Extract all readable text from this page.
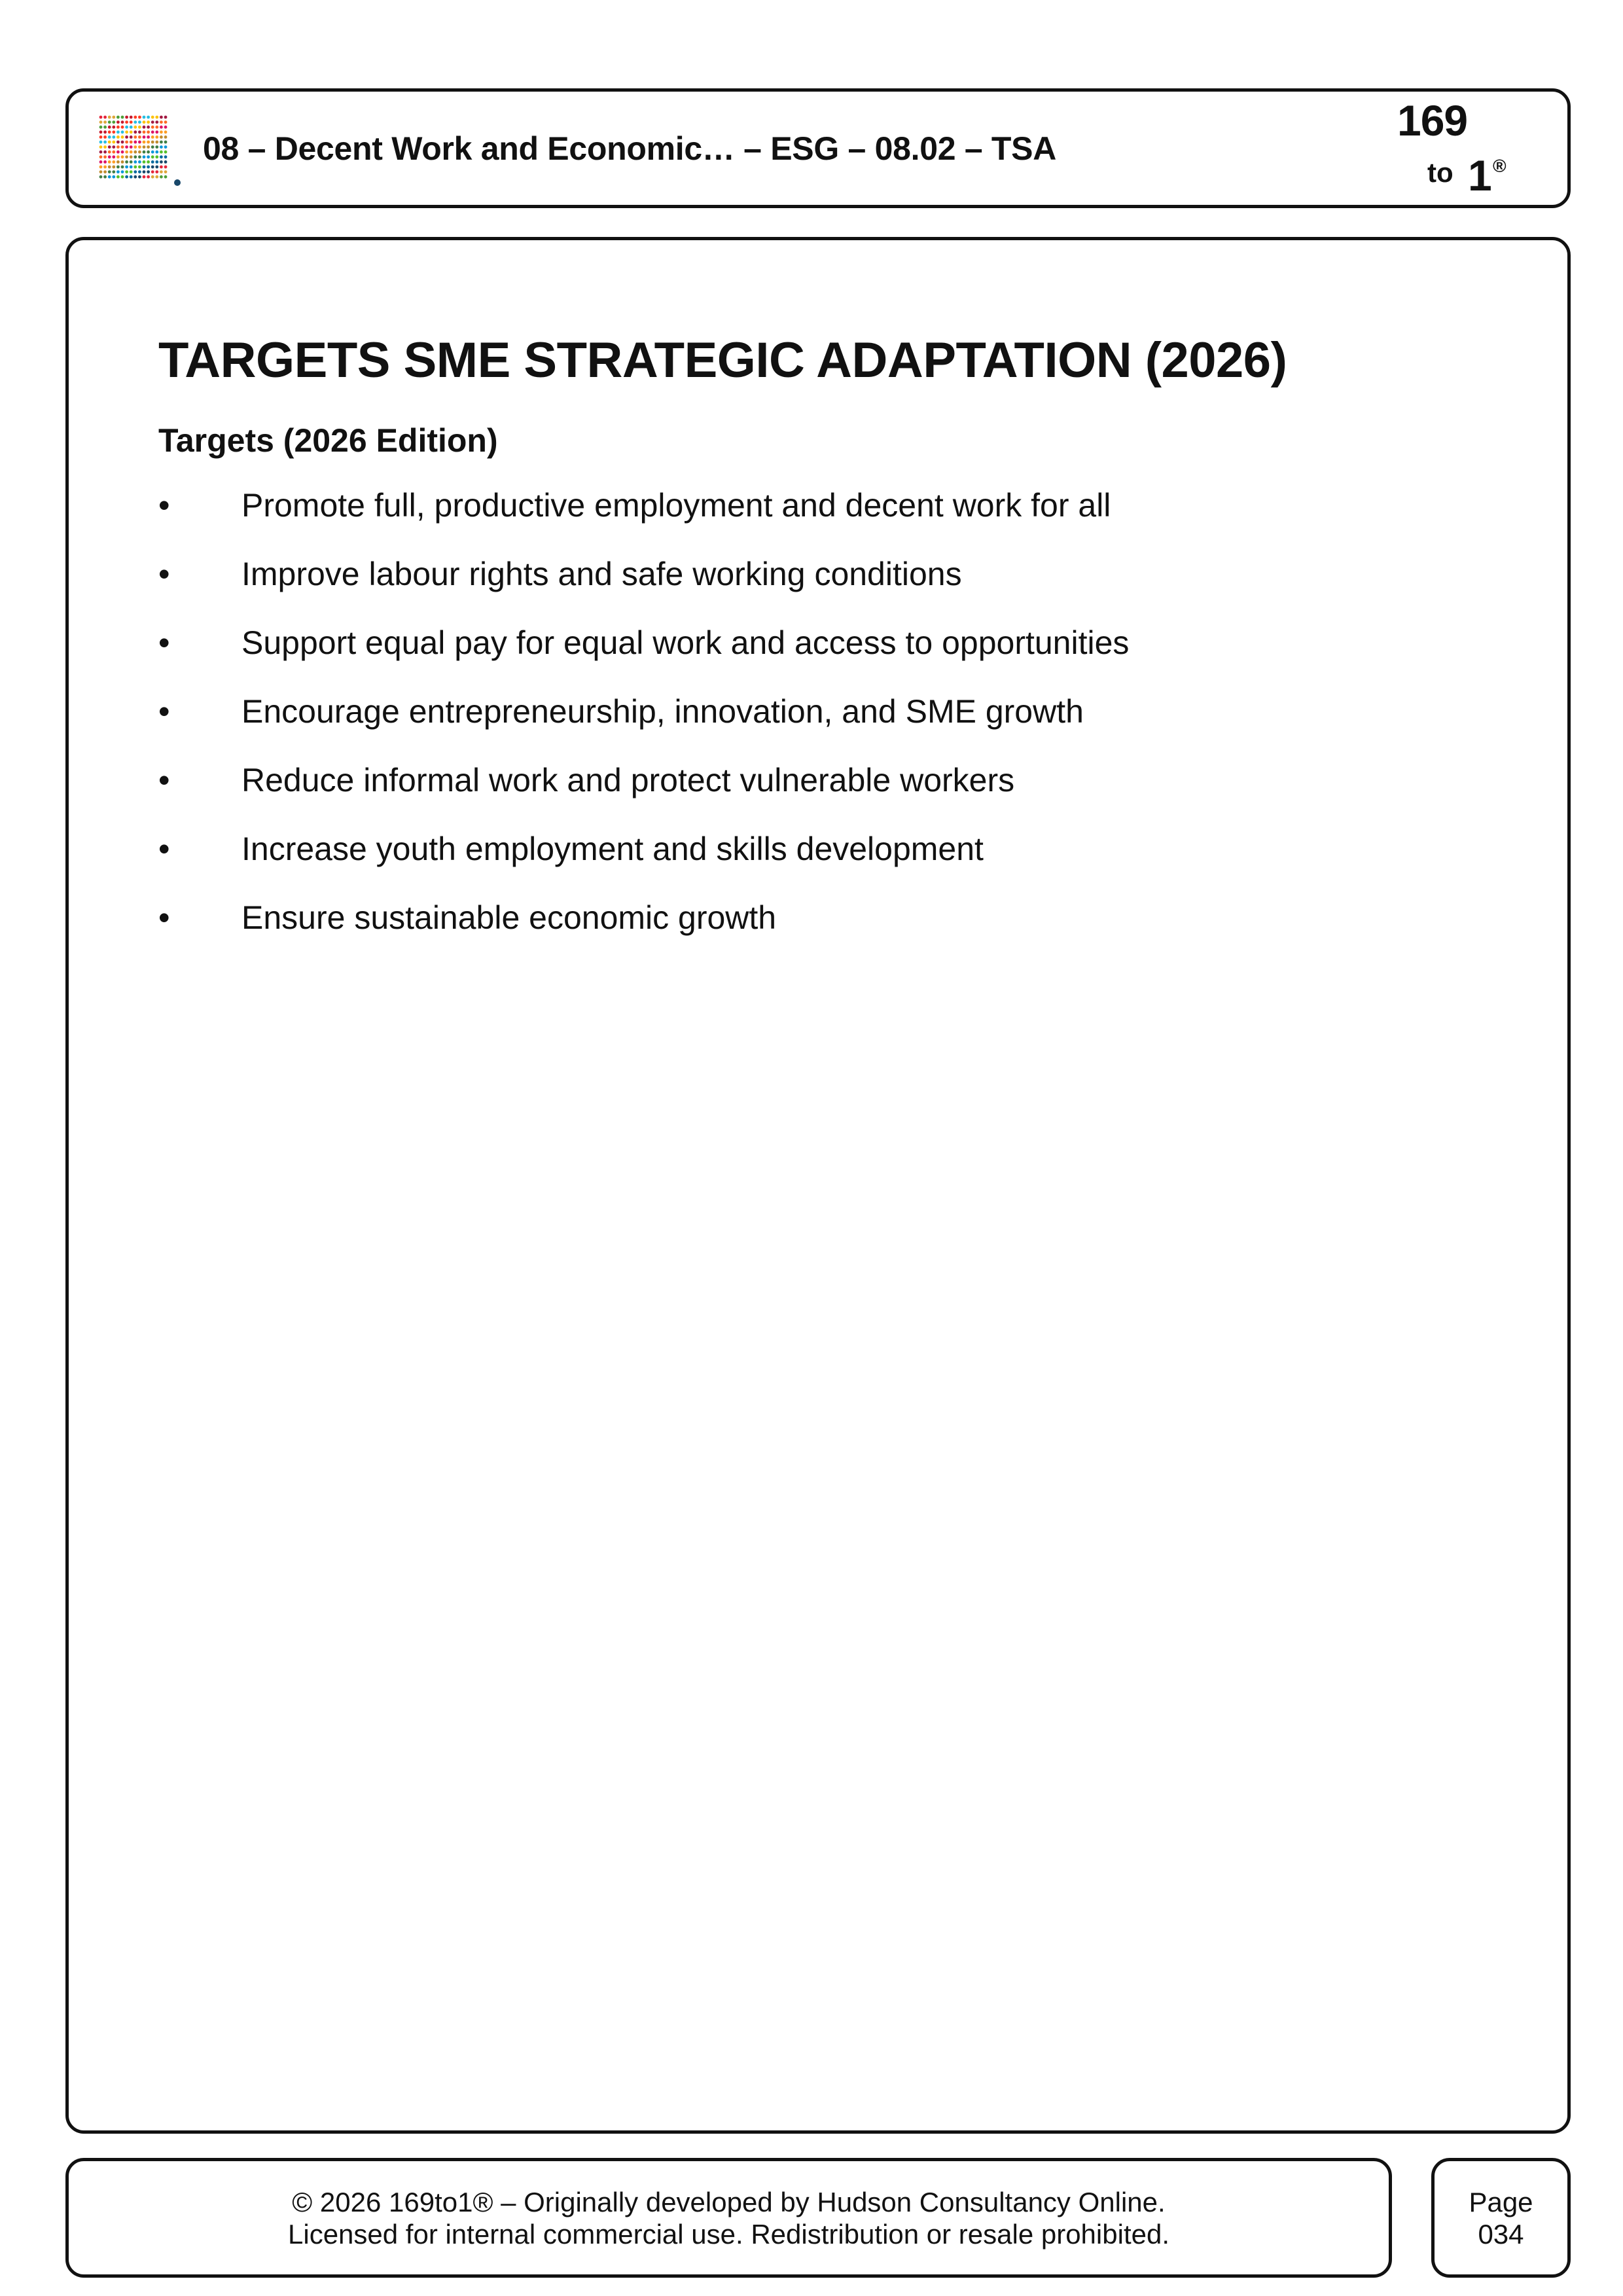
08 – Decent Work and Economic… – ESG – 08.02 – TSA
169
to 1 ®
TARGETS SME STRATEGIC ADAPTATION (2026)
Targets (2026 Edition)
• Promote full, productive employment and decent work for all
• Improve labour rights and safe working conditions
• Support equal pay for equal work and access to opportunities
• Encourage entrepreneurship, innovation, and SME growth
• Reduce informal work and protect vulnerable workers
• Increase youth employment and skills development
• Ensure sustainable economic growth
© 2026 169to1® – Originally developed by Hudson Consultancy Online.
Licensed for internal commercial use. Redistribution or resale prohibited.
Page
034
